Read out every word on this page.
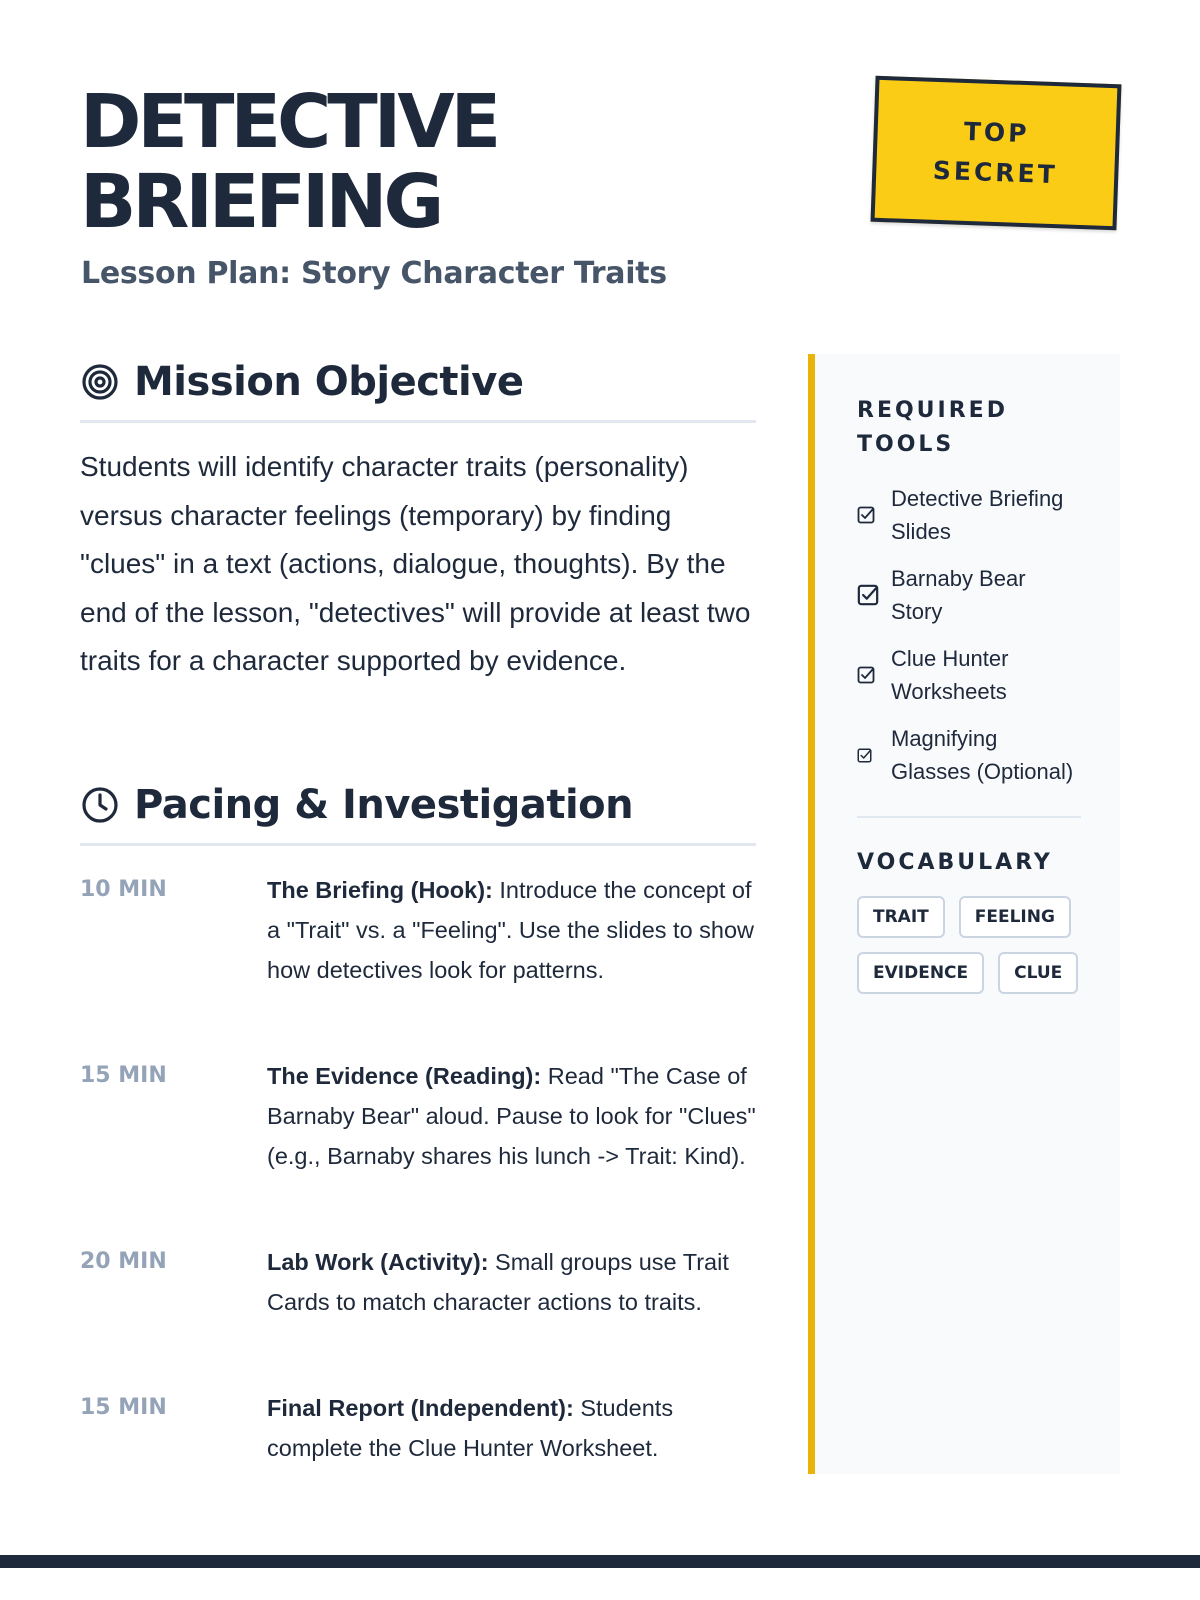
DETECTIVE
BRIEFING
Lesson Plan: Story Character Traits
TOP
SECRET
Mission Objective

Students will identify character traits (personality) versus character feelings (temporary) by finding "clues" in a text (actions, dialogue, thoughts). By the end of the lesson, "detectives" will provide at least two traits for a character supported by evidence.

Pacing & Investigation
10 MIN	The Briefing (Hook): Introduce the concept of a "Trait" vs. a "Feeling". Use the slides to show how detectives look for patterns.
15 MIN	The Evidence (Reading): Read "The Case of Barnaby Bear" aloud. Pause to look for "Clues" (e.g., Barnaby shares his lunch -> Trait: Kind).
20 MIN	Lab Work (Activity): Small groups use Trait Cards to match character actions to traits.
15 MIN	Final Report (Independent): Students complete the Clue Hunter Worksheet.
REQUIRED TOOLS
Detective Briefing Slides
Barnaby Bear Story
Clue Hunter Worksheets
Magnifying Glasses (Optional)
VOCABULARY
TRAIT	FEELING
EVIDENCE	CLUE
